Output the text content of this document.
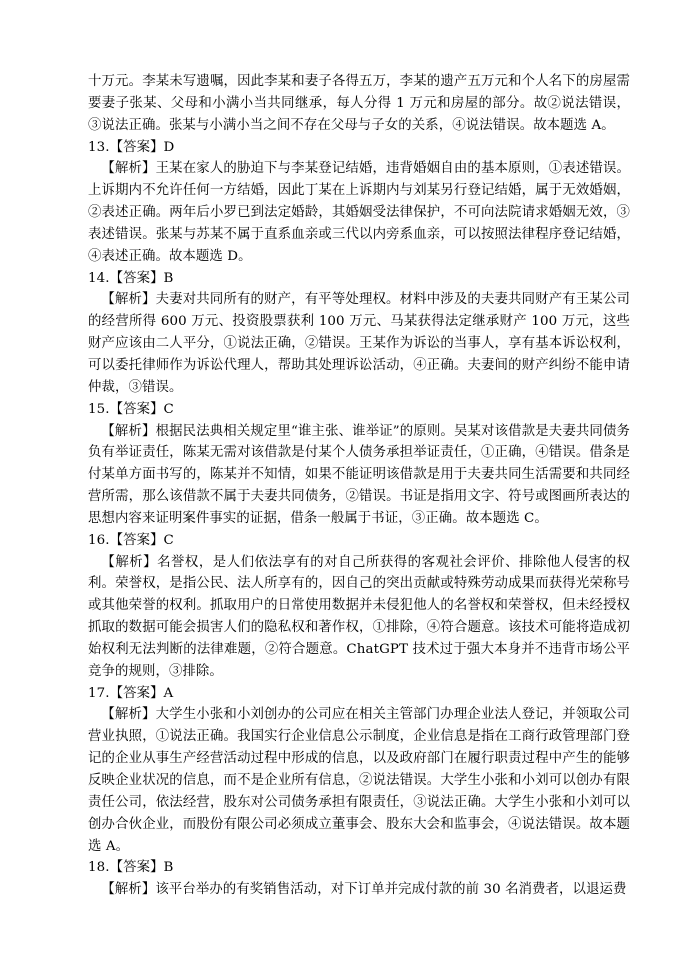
十万元。李某未写遗嘱，因此李某和妻子各得五万，李某的遗产五万元和个人名下的房屋需要妻子张某、父母和小满小当共同继承，每人分得 1 万元和房屋的部分。故②说法错误，③说法正确。张某与小满小当之间不存在父母与子女的关系，④说法错误。故本题选 A。

13.【答案】D

【解析】王某在家人的胁迫下与李某登记结婚，违背婚姻自由的基本原则，①表述错误。上诉期内不允许任何一方结婚，因此丁某在上诉期内与刘某另行登记结婚，属于无效婚姻，②表述正确。两年后小罗已到法定婚龄，其婚姻受法律保护，不可向法院请求婚姻无效，③表述错误。张某与苏某不属于直系血亲或三代以内旁系血亲，可以按照法律程序登记结婚，④表述正确。故本题选 D。

14.【答案】B

【解析】夫妻对共同所有的财产，有平等处理权。材料中涉及的夫妻共同财产有王某公司的经营所得 600 万元、投资股票获利 100 万元、马某获得法定继承财产 100 万元，这些财产应该由二人平分，①说法正确，②错误。王某作为诉讼的当事人，享有基本诉讼权利，可以委托律师作为诉讼代理人，帮助其处理诉讼活动，④正确。夫妻间的财产纠纷不能申请仲裁，③错误。

15.【答案】C

【解析】根据民法典相关规定里“谁主张、谁举证”的原则。吴某对该借款是夫妻共同债务负有举证责任，陈某无需对该借款是付某个人债务承担举证责任，①正确，④错误。借条是付某单方面书写的，陈某并不知情，如果不能证明该借款是用于夫妻共同生活需要和共同经营所需，那么该借款不属于夫妻共同债务，②错误。书证是指用文字、符号或图画所表达的思想内容来证明案件事实的证据，借条一般属于书证，③正确。故本题选 C。

16.【答案】C

【解析】名誉权，是人们依法享有的对自己所获得的客观社会评价、排除他人侵害的权利。荣誉权，是指公民、法人所享有的，因自己的突出贡献或特殊劳动成果而获得光荣称号或其他荣誉的权利。抓取用户的日常使用数据并未侵犯他人的名誉权和荣誉权，但未经授权抓取的数据可能会损害人们的隐私权和著作权，①排除，④符合题意。该技术可能将造成初始权利无法判断的法律难题，②符合题意。ChatGPT 技术过于强大本身并不违背市场公平竞争的规则，③排除。

17.【答案】A

【解析】大学生小张和小刘创办的公司应在相关主管部门办理企业法人登记，并领取公司营业执照，①说法正确。我国实行企业信息公示制度，企业信息是指在工商行政管理部门登记的企业从事生产经营活动过程中形成的信息，以及政府部门在履行职责过程中产生的能够反映企业状况的信息，而不是企业所有信息，②说法错误。大学生小张和小刘可以创办有限责任公司，依法经营，股东对公司债务承担有限责任，③说法正确。大学生小张和小刘可以创办合伙企业，而股份有限公司必须成立董事会、股东大会和监事会，④说法错误。故本题选 A。

18.【答案】B

【解析】该平台举办的有奖销售活动，对下订单并完成付款的前 30 名消费者，以退运费
